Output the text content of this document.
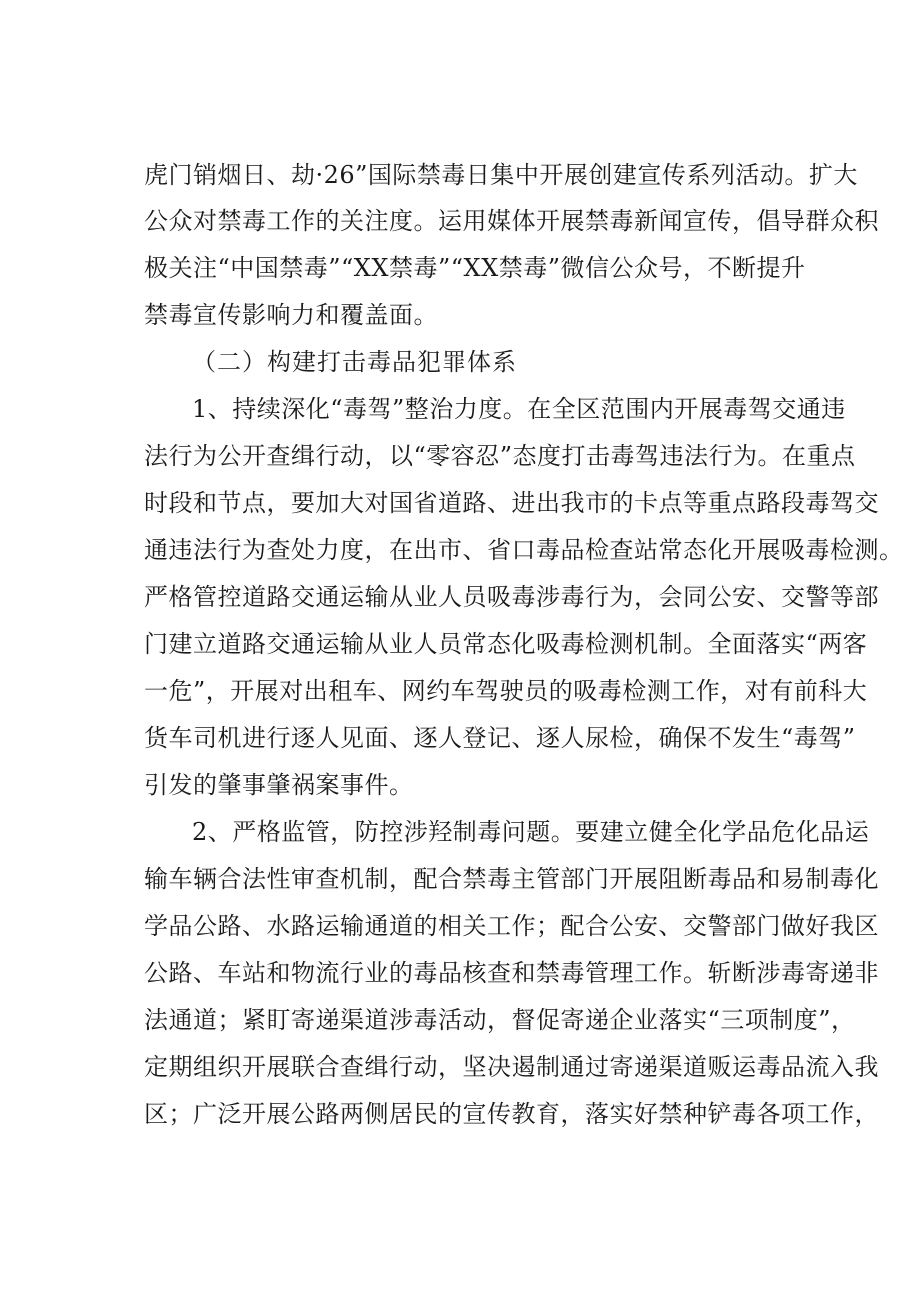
虎门销烟日、劫·26”国际禁毒日集中开展创建宣传系列活动。扩大
公众对禁毒工作的关注度。运用媒体开展禁毒新闻宣传，倡导群众积
极关注“中国禁毒”“XX禁毒”“XX禁毒”微信公众号，不断提升
禁毒宣传影响力和覆盖面。
（二）构建打击毒品犯罪体系
1、持续深化“毒驾”整治力度。在全区范围内开展毒驾交通违
法行为公开查缉行动，以“零容忍”态度打击毒驾违法行为。在重点
时段和节点，要加大对国省道路、进出我市的卡点等重点路段毒驾交
通违法行为查处力度，在出市、省口毒品检查站常态化开展吸毒检测。
严格管控道路交通运输从业人员吸毒涉毒行为，会同公安、交警等部
门建立道路交通运输从业人员常态化吸毒检测机制。全面落实“两客
一危”，开展对出租车、网约车驾驶员的吸毒检测工作，对有前科大
货车司机进行逐人见面、逐人登记、逐人尿检，确保不发生“毒驾”
引发的肇事肇祸案事件。
2、严格监管，防控涉羟制毒问题。要建立健全化学品危化品运
输车辆合法性审查机制，配合禁毒主管部门开展阻断毒品和易制毒化
学品公路、水路运输通道的相关工作；配合公安、交警部门做好我区
公路、车站和物流行业的毒品核查和禁毒管理工作。斩断涉毒寄递非
法通道；紧盯寄递渠道涉毒活动，督促寄递企业落实“三项制度”，
定期组织开展联合查缉行动，坚决遏制通过寄递渠道贩运毒品流入我
区；广泛开展公路两侧居民的宣传教育，落实好禁种铲毒各项工作，
